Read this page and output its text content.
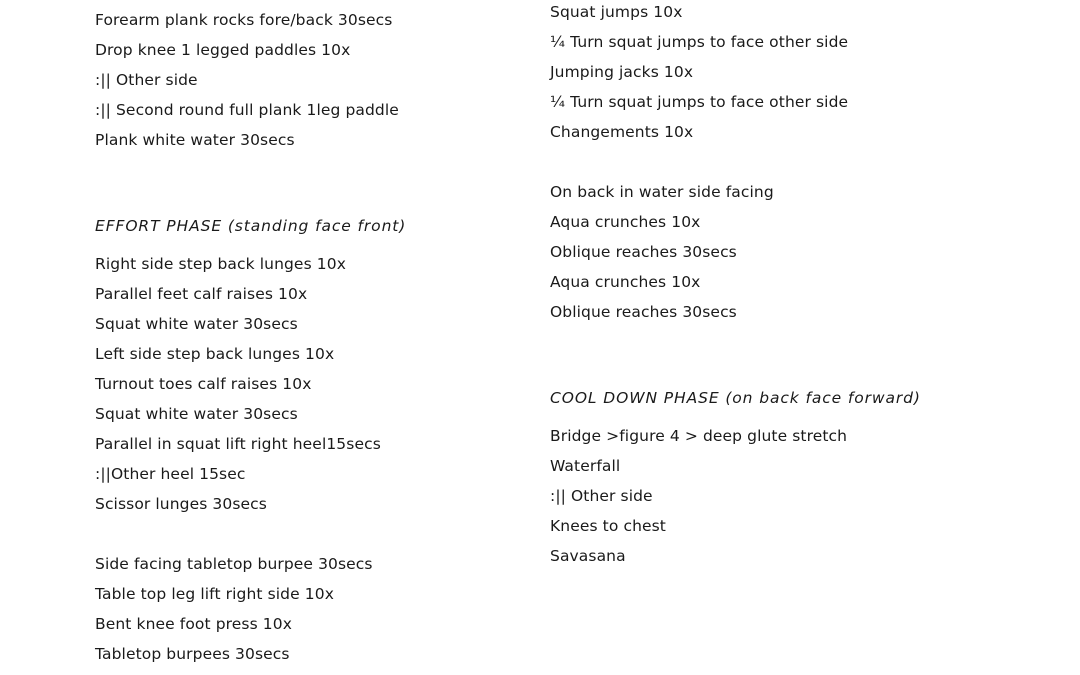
Forearm plank rocks fore/back 30secs
Drop knee 1 legged paddles 10x
:|| Other side
:|| Second round full plank 1leg paddle
Plank white water 30secs
EFFORT PHASE (standing face front)
Right side step back lunges 10x
Parallel feet calf raises 10x
Squat white water 30secs
Left side step back lunges 10x
Turnout toes calf raises 10x
Squat white water 30secs
Parallel in squat lift right heel15secs
:||Other heel 15sec
Scissor lunges 30secs
Side facing tabletop burpee 30secs
Table top leg lift right side 10x
Bent knee foot press 10x
Tabletop burpees 30secs
Squat jumps 10x
¼ Turn squat jumps to face other side
Jumping jacks 10x
¼ Turn squat jumps to face other side
Changements 10x
On back in water side facing
Aqua crunches 10x
Oblique reaches 30secs
Aqua crunches 10x
Oblique reaches 30secs
COOL DOWN PHASE (on back face forward)
Bridge >figure 4 > deep glute stretch
Waterfall
:|| Other side
Knees to chest
Savasana
